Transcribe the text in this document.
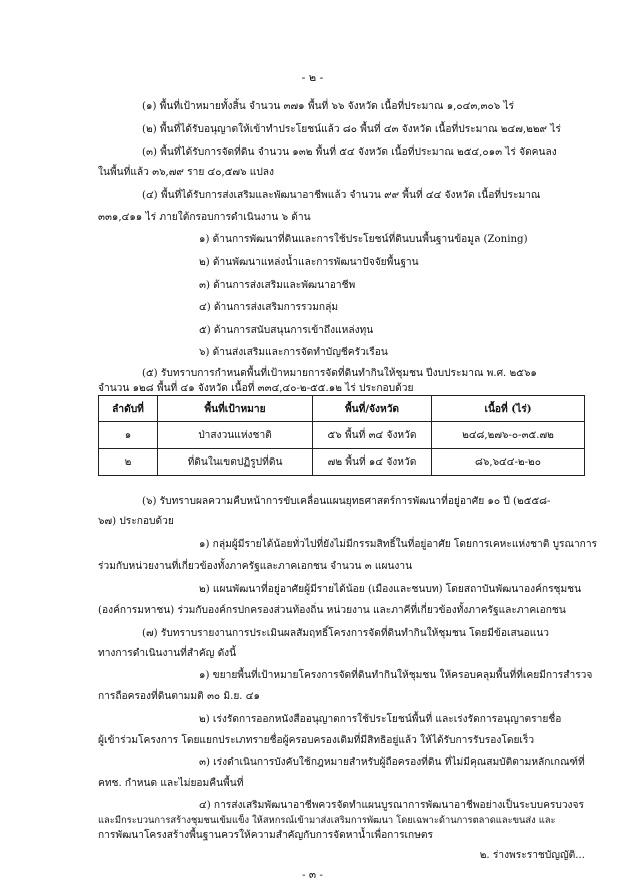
- ๒ -
(๑) พื้นที่เป้าหมายทั้งสิ้น จำนวน ๓๗๑ พื้นที่ ๖๖ จังหวัด เนื้อที่ประมาณ ๑,๐๔๓,๓๐๖ ไร่
(๒) พื้นที่ได้รับอนุญาตให้เข้าทำประโยชน์แล้ว ๘๐ พื้นที่ ๔๓ จังหวัด เนื้อที่ประมาณ ๒๔๗,๒๒๙ ไร่
(๓) พื้นที่ได้รับการจัดที่ดิน จำนวน ๑๓๒ พื้นที่ ๕๔ จังหวัด เนื้อที่ประมาณ ๒๕๔,๐๑๓ ไร่ จัดคนลง
ในพื้นที่แล้ว ๓๖,๗๙ ราย ๔๐,๕๗๖ แปลง
(๔) พื้นที่ได้รับการส่งเสริมและพัฒนาอาชีพแล้ว จำนวน ๙๙ พื้นที่ ๔๔ จังหวัด เนื้อที่ประมาณ
๓๓๑,๔๑๑ ไร่ ภายใต้กรอบการดำเนินงาน ๖ ด้าน
๑) ด้านการพัฒนาที่ดินและการใช้ประโยชน์ที่ดินบนพื้นฐานข้อมูล (Zoning)
๒) ด้านพัฒนาแหล่งน้ำและการพัฒนาปัจจัยพื้นฐาน
๓) ด้านการส่งเสริมและพัฒนาอาชีพ
๔) ด้านการส่งเสริมการรวมกลุ่ม
๕) ด้านการสนับสนุนการเข้าถึงแหล่งทุน
๖) ด้านส่งเสริมและการจัดทำบัญชีครัวเรือน
(๕) รับทราบการกำหนดพื้นที่เป้าหมายการจัดที่ดินทำกินให้ชุมชน ปีงบประมาณ พ.ศ. ๒๕๖๑
จำนวน ๑๒๘ พื้นที่ ๔๑ จังหวัด เนื้อที่ ๓๓๔,๔๐-๒-๕๕.๑๒ ไร่ ประกอบด้วย
ลำดับที่	พื้นที่เป้าหมาย	พื้นที่/จังหวัด	เนื้อที่ (ไร่)
๑	ป่าสงวนแห่งชาติ	๕๖ พื้นที่ ๓๔ จังหวัด	๒๔๘,๒๗๖-๐-๓๕.๗๒
๒	ที่ดินในเขตปฏิรูปที่ดิน	๗๒ พื้นที่ ๑๔ จังหวัด	๘๖,๖๔๔-๒-๒๐
(๖) รับทราบผลความคืบหน้าการขับเคลื่อนแผนยุทธศาสตร์การพัฒนาที่อยู่อาศัย ๑๐ ปี (๒๕๕๘-
๖๗) ประกอบด้วย
๑) กลุ่มผู้มีรายได้น้อยทั่วไปที่ยังไม่มีกรรมสิทธิ์ในที่อยู่อาศัย โดยการเคหะแห่งชาติ บูรณาการ
ร่วมกับหน่วยงานที่เกี่ยวข้องทั้งภาครัฐและภาคเอกชน จำนวน ๓ แผนงาน
๒) แผนพัฒนาที่อยู่อาศัยผู้มีรายได้น้อย (เมืองและชนบท) โดยสถาบันพัฒนาองค์กรชุมชน
(องค์การมหาชน) ร่วมกับองค์กรปกครองส่วนท้องถิ่น หน่วยงาน และภาคีที่เกี่ยวข้องทั้งภาครัฐและภาคเอกชน
(๗) รับทราบรายงานการประเมินผลสัมฤทธิ์โครงการจัดที่ดินทำกินให้ชุมชน โดยมีข้อเสนอแนว
ทางการดำเนินงานที่สำคัญ ดังนี้
๑) ขยายพื้นที่เป้าหมายโครงการจัดที่ดินทำกินให้ชุมชน ให้ครอบคลุมพื้นที่ที่เคยมีการสำรวจ
การถือครองที่ดินตามมติ ๓๐ มิ.ย. ๔๑
๒) เร่งรัดการออกหนังสืออนุญาตการใช้ประโยชน์พื้นที่ และเร่งรัดการอนุญาตรายชื่อ
ผู้เข้าร่วมโครงการ โดยแยกประเภทรายชื่อผู้ครอบครองเดิมที่มีสิทธิอยู่แล้ว ให้ได้รับการรับรองโดยเร็ว
๓) เร่งดำเนินการบังคับใช้กฎหมายสำหรับผู้ถือครองที่ดิน ที่ไม่มีคุณสมบัติตามหลักเกณฑ์ที่
คทช. กำหนด และไม่ยอมคืนพื้นที่
๔) การส่งเสริมพัฒนาอาชีพควรจัดทำแผนบูรณาการพัฒนาอาชีพอย่างเป็นระบบครบวงจร
และมีกระบวนการสร้างชุมชนเข้มแข็ง ให้สหกรณ์เข้ามาส่งเสริมการพัฒนา โดยเฉพาะด้านการตลาดและขนส่ง และ
การพัฒนาโครงสร้างพื้นฐานควรให้ความสำคัญกับการจัดหาน้ำเพื่อการเกษตร
๒. ร่างพระราชบัญญัติ...
- ๓ -
